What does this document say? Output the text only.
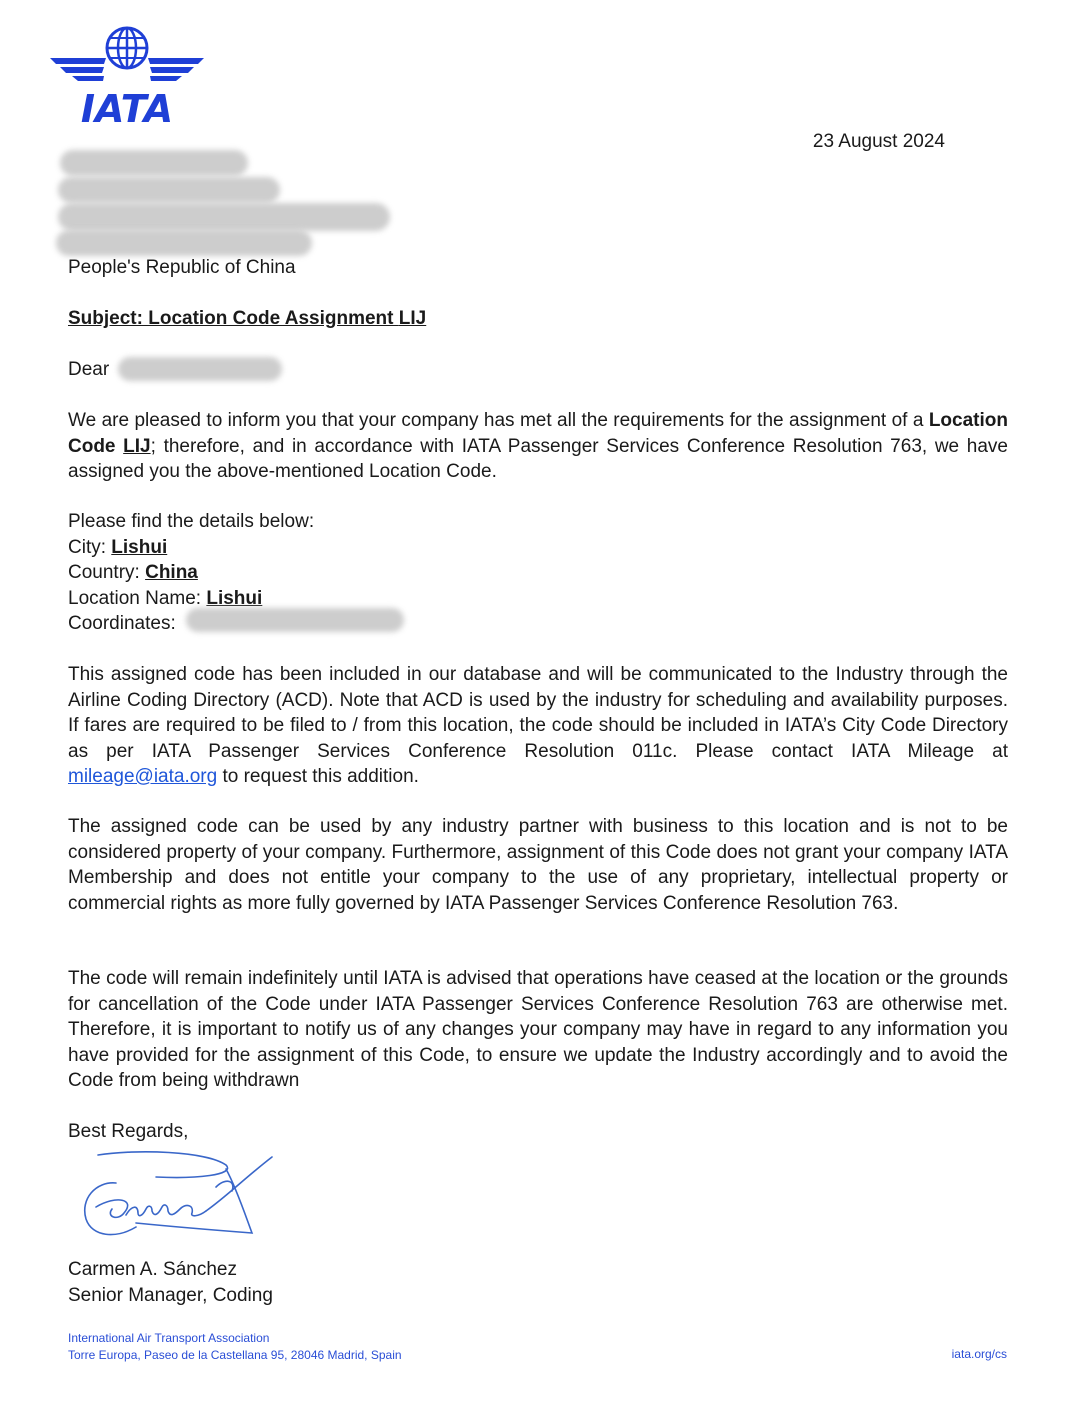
IATA
23 August 2024
People's Republic of China
Subject: Location Code Assignment LIJ
Dear
We are pleased to inform you that your company has met all the requirements for the assignment of a Location Code LIJ; therefore, and in accordance with IATA Passenger Services Conference Resolution 763, we have assigned you the above-mentioned Location Code.
Please find the details below:
City: Lishui
Country: China
Location Name: Lishui
Coordinates:
This assigned code has been included in our database and will be communicated to the Industry through the Airline Coding Directory (ACD). Note that ACD is used by the industry for scheduling and availability purposes. If fares are required to be filed to / from this location, the code should be included in IATA’s City Code Directory as per IATA Passenger Services Conference Resolution 011c. Please contact IATA Mileage at mileage@iata.org to request this addition.
The assigned code can be used by any industry partner with business to this location and is not to be considered property of your company. Furthermore, assignment of this Code does not grant your company IATA Membership and does not entitle your company to the use of any proprietary, intellectual property or commercial rights as more fully governed by IATA Passenger Services Conference Resolution 763.
The code will remain indefinitely until IATA is advised that operations have ceased at the location or the grounds for cancellation of the Code under IATA Passenger Services Conference Resolution 763 are otherwise met. Therefore, it is important to notify us of any changes your company may have in regard to any information you have provided for the assignment of this Code, to ensure we update the Industry accordingly and to avoid the Code from being withdrawn
Best Regards,
Carmen A. Sánchez
Senior Manager, Coding
International Air Transport Association
Torre Europa, Paseo de la Castellana 95, 28046 Madrid, Spain	iata.org/cs
